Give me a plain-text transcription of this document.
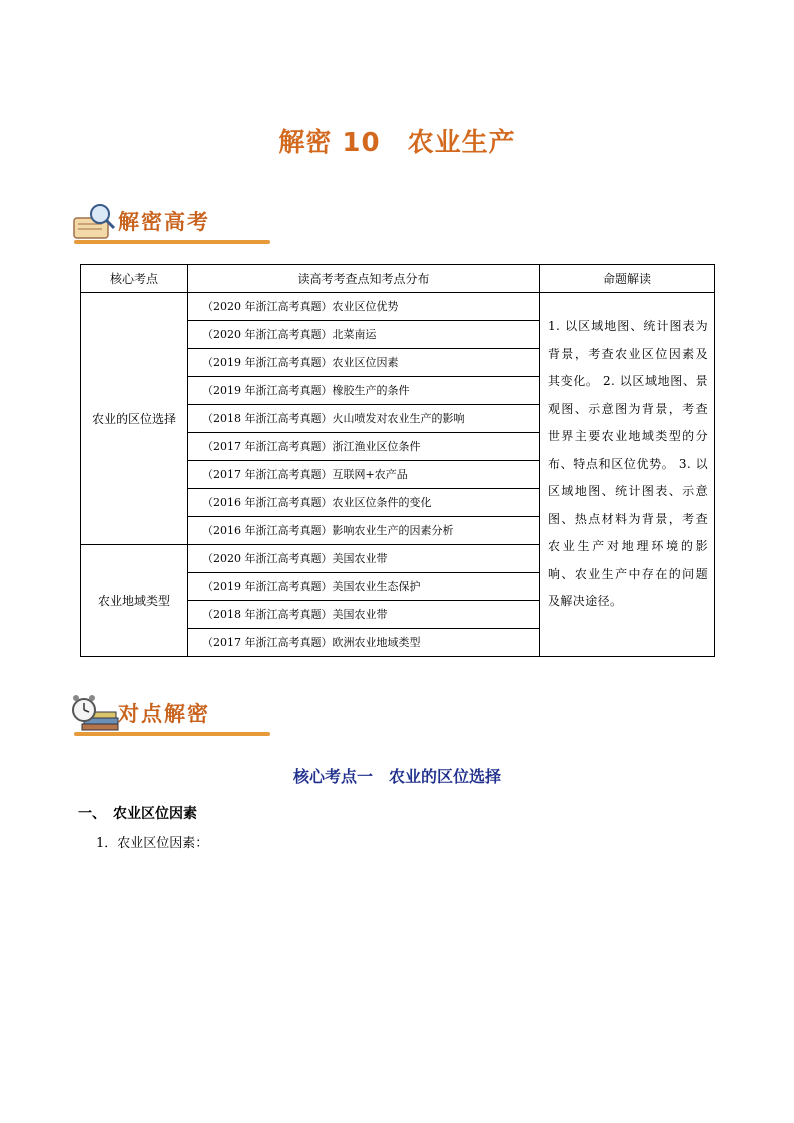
解密 10　农业生产
解密高考
核心考点	读高考考查点知考点分布	命题解读
农业的区位选择	（2020 年浙江高考真题）农业区位优势	1. 以区域地图、统计图表为背景，考查农业区位因素及其变化。 2. 以区域地图、景观图、示意图为背景，考查世界主要农业地域类型的分布、特点和区位优势。 3. 以区域地图、统计图表、示意图、热点材料为背景，考查农业生产对地理环境的影响、农业生产中存在的问题及解决途径。
	（2020 年浙江高考真题）北菜南运	
	（2019 年浙江高考真题）农业区位因素	
	（2019 年浙江高考真题）橡胶生产的条件	
	（2018 年浙江高考真题）火山喷发对农业生产的影响	
	（2017 年浙江高考真题）浙江渔业区位条件	
	（2017 年浙江高考真题）互联网+农产品	
	（2016 年浙江高考真题）农业区位条件的变化	
	（2016 年浙江高考真题）影响农业生产的因素分析	
农业地域类型	（2020 年浙江高考真题）美国农业带	
	（2019 年浙江高考真题）美国农业生态保护	
	（2018 年浙江高考真题）美国农业带	
	（2017 年浙江高考真题）欧洲农业地域类型	
对点解密
核心考点一　农业的区位选择
一、　农业区位因素
1．农业区位因素：
